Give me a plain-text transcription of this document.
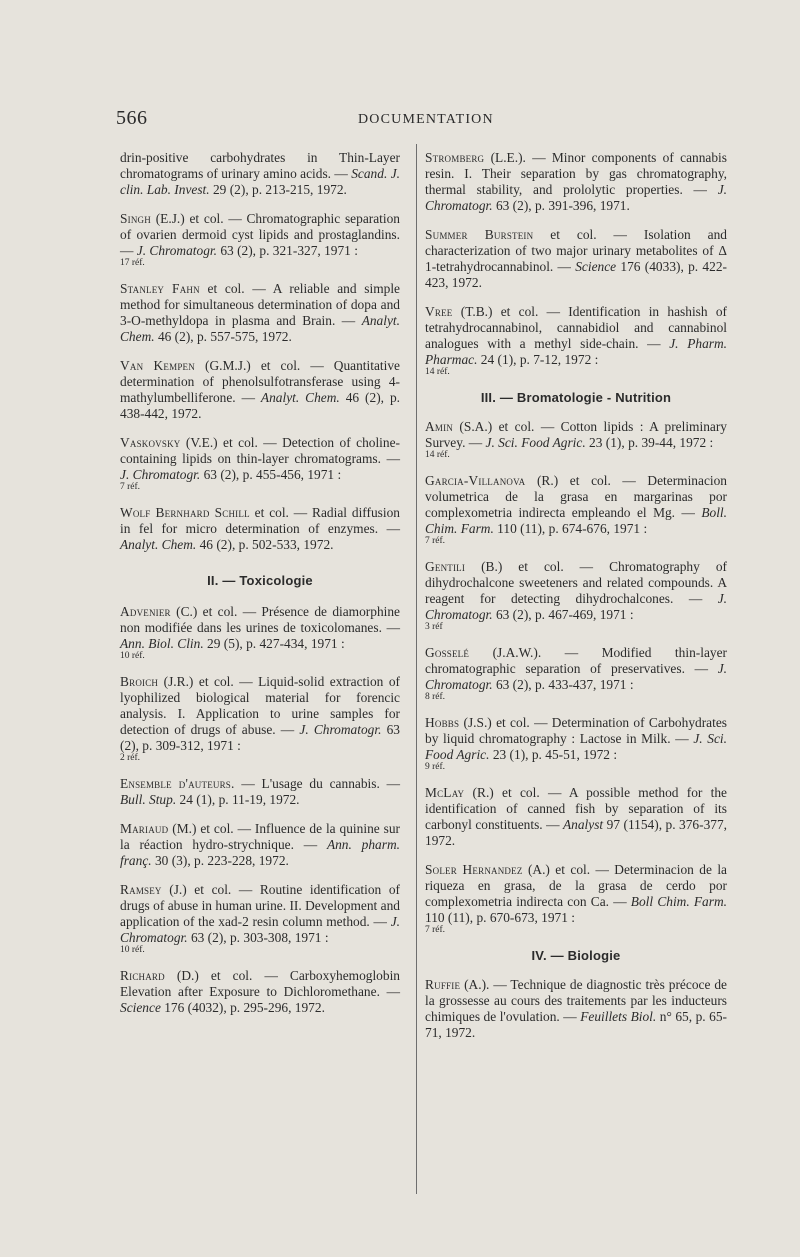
566	DOCUMENTATION
drin-positive carbohydrates in Thin-Layer chromatograms of urinary amino acids. — Scand. J. clin. Lab. Invest. 29 (2), p. 213-215, 1972.
Singh (E.J.) et col. — Chromatographic separation of ovarien dermoid cyst lipids and prostaglandins. — J. Chromatogr. 63 (2), p. 321-327, 1971 :
17 réf.
Stanley Fahn et col. — A reliable and simple method for simultaneous determination of dopa and 3-O-methyldopa in plasma and Brain. — Analyt. Chem. 46 (2), p. 557-575, 1972.
Van Kempen (G.M.J.) et col. — Quantitative determination of phenolsulfotransferase using 4-mathylumbelliferone. — Analyt. Chem. 46 (2), p. 438-442, 1972.
Vaskovsky (V.E.) et col. — Detection of choline-containing lipids on thin-layer chromatograms. — J. Chromatogr. 63 (2), p. 455-456, 1971 :
7 réf.
Wolf Bernhard Schill et col. — Radial diffusion in fel for micro determination of enzymes. — Analyt. Chem. 46 (2), p. 502-533, 1972.
II. — Toxicologie
Advenier (C.) et col. — Présence de diamorphine non modifiée dans les urines de toxicolomanes. — Ann. Biol. Clin. 29 (5), p. 427-434, 1971 :
10 réf.
Broich (J.R.) et col. — Liquid-solid extraction of lyophilized biological material for forencic analysis. I. Application to urine samples for detection of drugs of abuse. — J. Chromatogr. 63 (2), p. 309-312, 1971 :
2 réf.
Ensemble d'auteurs. — L'usage du cannabis. — Bull. Stup. 24 (1), p. 11-19, 1972.
Mariaud (M.) et col. — Influence de la quinine sur la réaction hydro-strychnique. — Ann. pharm. franç. 30 (3), p. 223-228, 1972.
Ramsey (J.) et col. — Routine identification of drugs of abuse in human urine. II. Development and application of the xad-2 resin column method. — J. Chromatogr. 63 (2), p. 303-308, 1971 :
10 réf.
Richard (D.) et col. — Carboxyhemoglobin Elevation after Exposure to Dichloromethane. — Science 176 (4032), p. 295-296, 1972.
Stromberg (L.E.). — Minor components of cannabis resin. I. Their separation by gas chromatography, thermal stability, and prololytic properties. — J. Chromatogr. 63 (2), p. 391-396, 1971.
Summer Burstein et col. — Isolation and characterization of two major urinary metabolites of Δ 1-tetrahydrocannabinol. — Science 176 (4033), p. 422-423, 1972.
Vree (T.B.) et col. — Identification in hashish of tetrahydrocannabinol, cannabidiol and cannabinol analogues with a methyl side-chain. — J. Pharm. Pharmac. 24 (1), p. 7-12, 1972 :
14 réf.
III. — Bromatologie - Nutrition
Amin (S.A.) et col. — Cotton lipids : A preliminary Survey. — J. Sci. Food Agric. 23 (1), p. 39-44, 1972 :
14 réf.
Garcia-Villanova (R.) et col. — Determinacion volumetrica de la grasa en margarinas por complexometria indirecta empleando el Mg. — Boll. Chim. Farm. 110 (11), p. 674-676, 1971 :
7 réf.
Gentili (B.) et col. — Chromatography of dihydrochalcone sweeteners and related compounds. A reagent for detecting dihydrochalcones. — J. Chromatogr. 63 (2), p. 467-469, 1971 :
3 réf
Gosselé (J.A.W.). — Modified thin-layer chromatographic separation of preservatives. — J. Chromatogr. 63 (2), p. 433-437, 1971 :
8 réf.
Hobbs (J.S.) et col. — Determination of Carbohydrates by liquid chromatography : Lactose in Milk. — J. Sci. Food Agric. 23 (1), p. 45-51, 1972 :
9 réf.
McLay (R.) et col. — A possible method for the identification of canned fish by separation of its carbonyl constituents. — Analyst 97 (1154), p. 376-377, 1972.
Soler Hernandez (A.) et col. — Determinacion de la riqueza en grasa, de la grasa de cerdo por complexometria indirecta con Ca. — Boll Chim. Farm. 110 (11), p. 670-673, 1971 :
7 réf.
IV. — Biologie
Ruffie (A.). — Technique de diagnostic très précoce de la grossesse au cours des traitements par les inducteurs chimiques de l'ovulation. — Feuillets Biol. n° 65, p. 65-71, 1972.
